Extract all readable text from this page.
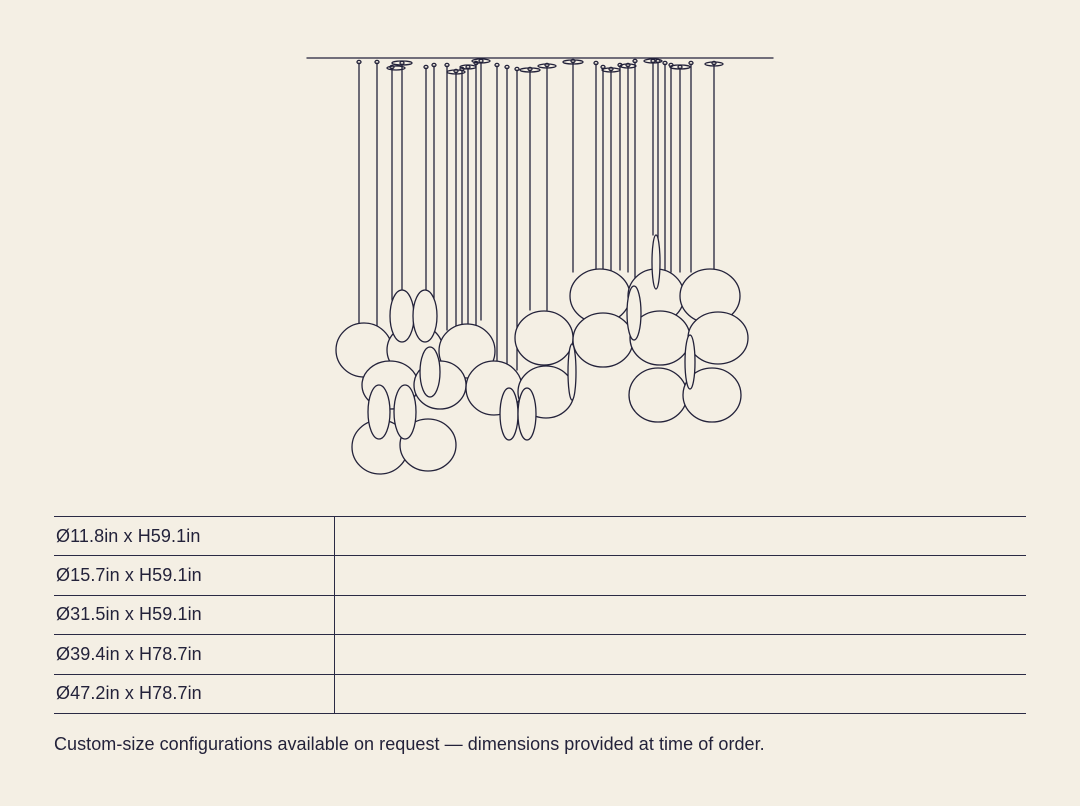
Ø11.8in x H59.1in
Ø15.7in x H59.1in
Ø31.5in x H59.1in
Ø39.4in x H78.7in
Ø47.2in x H78.7in
Custom-size configurations available on request — dimensions provided at time of order.
